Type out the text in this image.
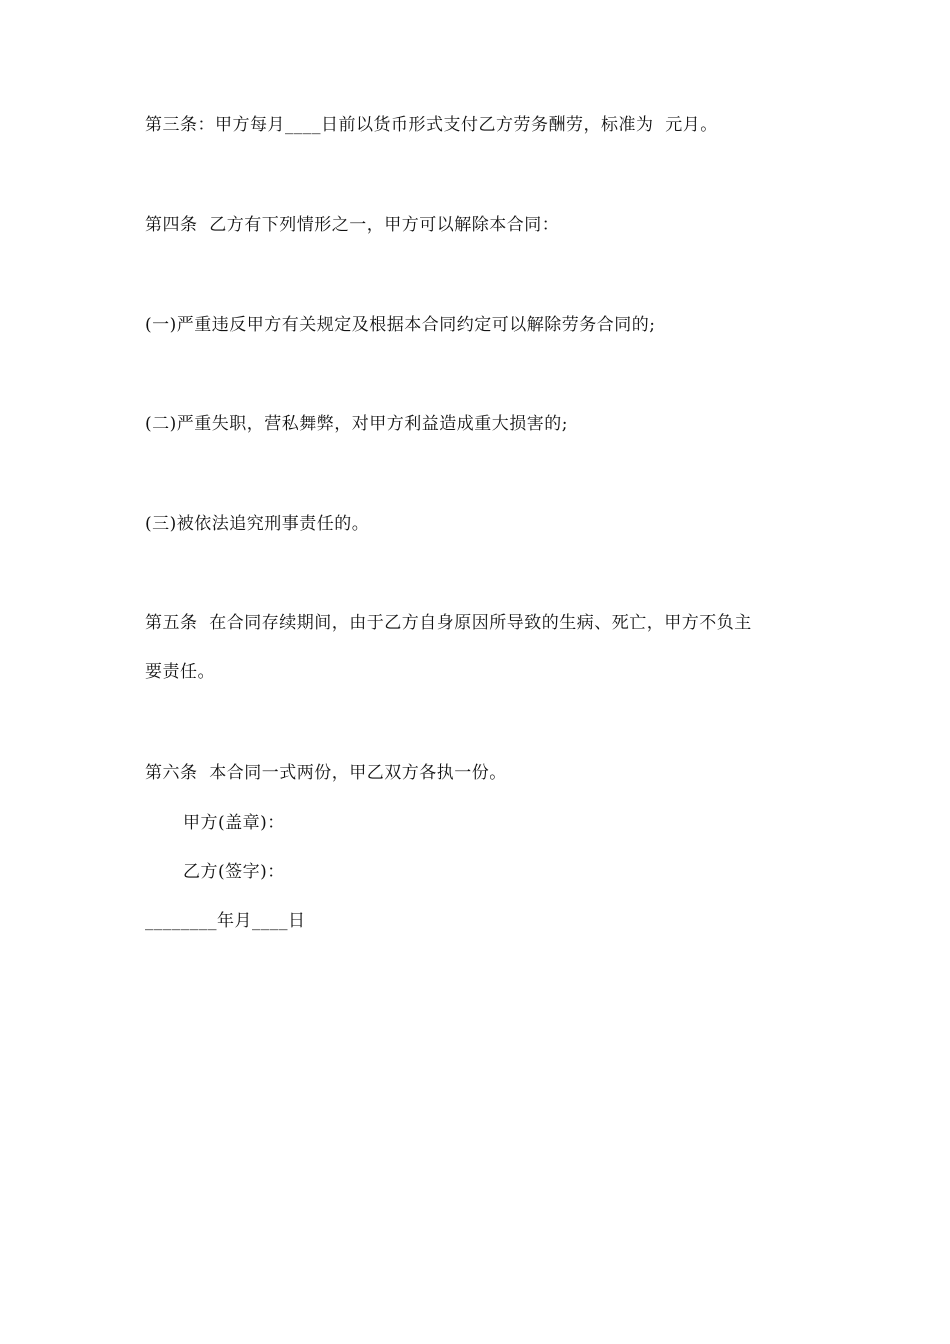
第三条：甲方每月____日前以货币形式支付乙方劳务酬劳，标准为  元月。
第四条  乙方有下列情形之一，甲方可以解除本合同：
(一)严重违反甲方有关规定及根据本合同约定可以解除劳务合同的;
(二)严重失职，营私舞弊，对甲方利益造成重大损害的;
(三)被依法追究刑事责任的。
第五条  在合同存续期间，由于乙方自身原因所导致的生病、死亡，甲方不负主
要责任。
第六条  本合同一式两份，甲乙双方各执一份。
甲方(盖章)：
乙方(签字)：
________年月____日
